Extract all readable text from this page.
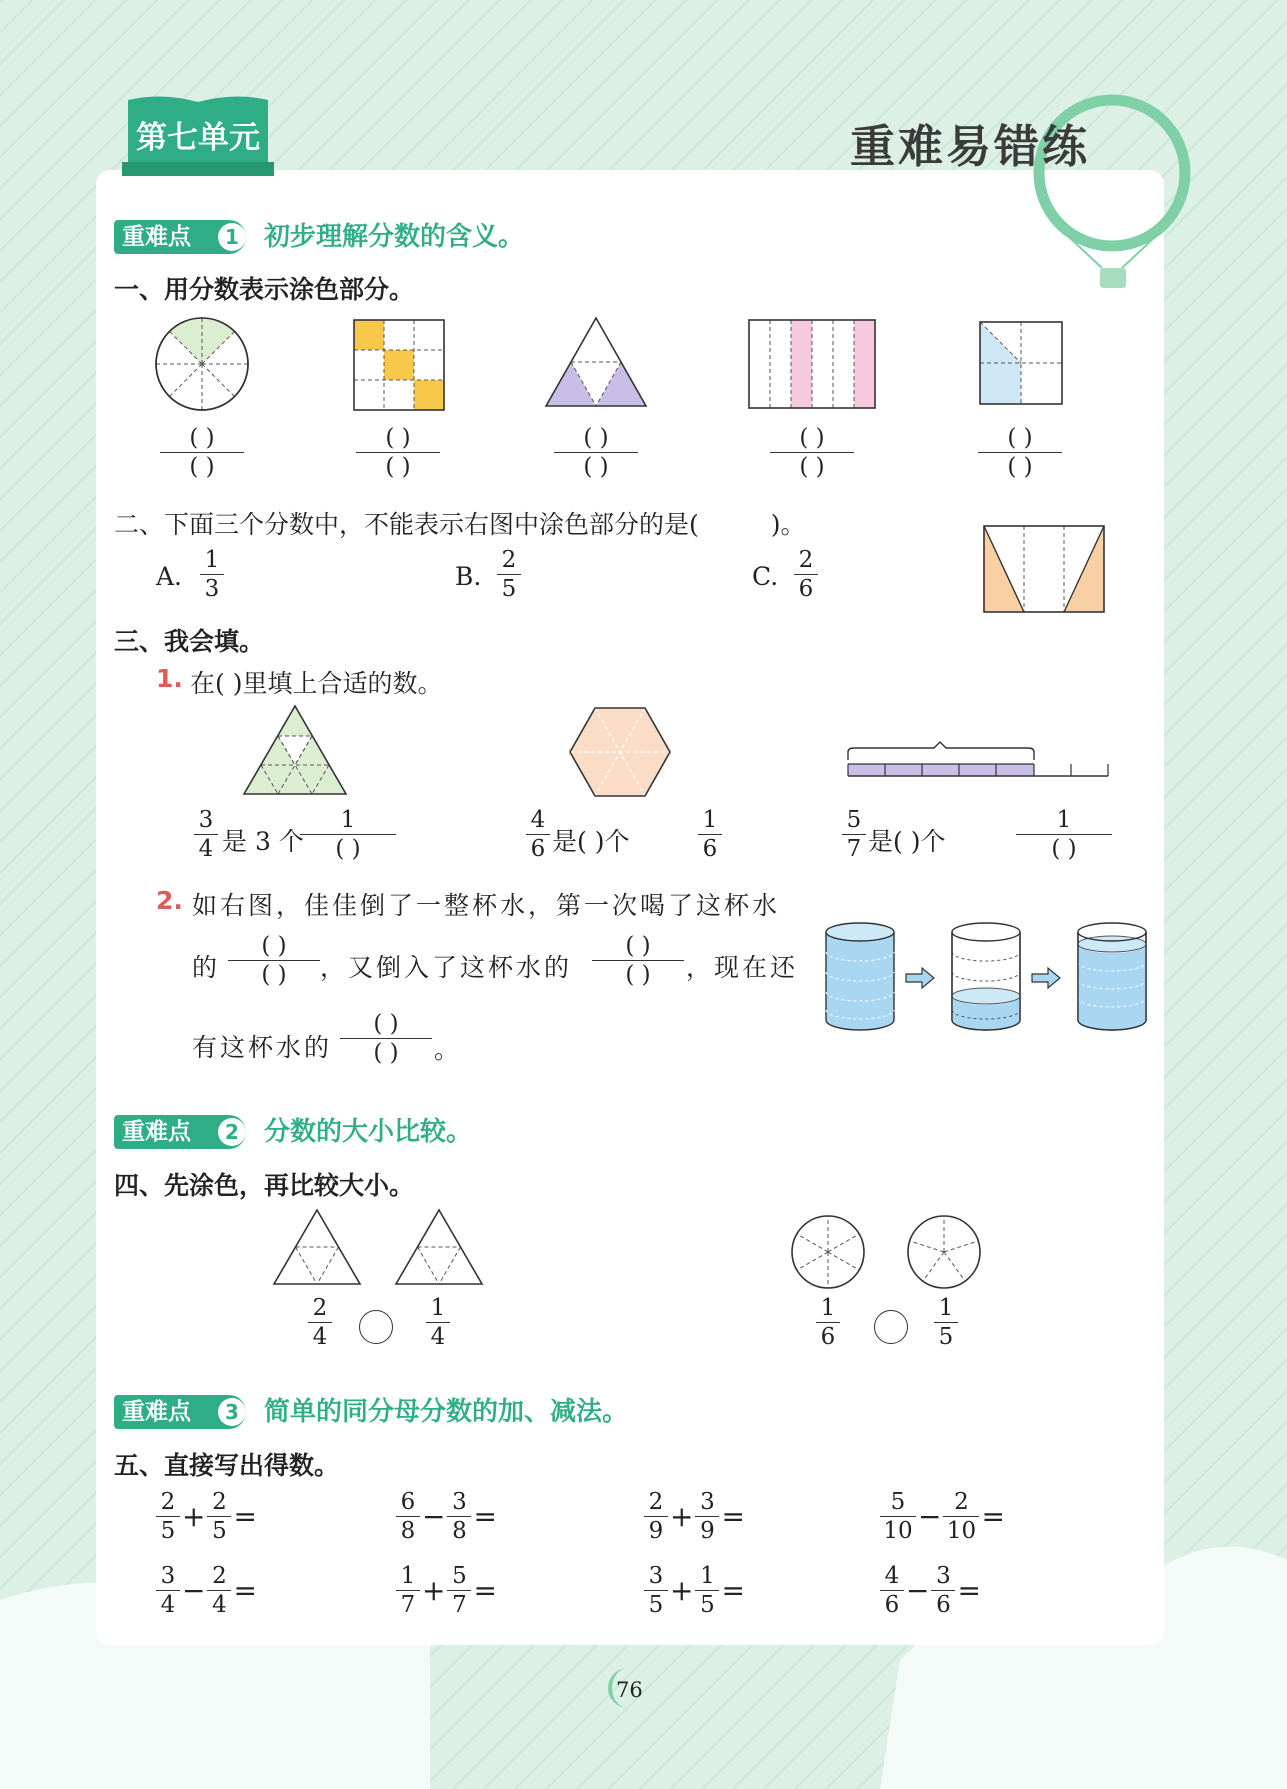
第七单元	重难易错练
重难点	1 初步理解分数的含义。
一、用分数表示涂色部分。
( )
( )
( )
( )
( )
( )
( )
( )
( )
( )
二、下面三个分数中，不能表示右图中涂色部分的是(	)。
A.
1
3	B.
2
5	C.
2
6
三、我会填。
1. 在( )里填上合适的数。
3
4 是 3 个
1
( )
4
6 是( )个
1
6
5
7 是( )个
1
( )
2. 如右图，佳佳倒了一整杯水，第一次喝了这杯水
的
( )
( ) ，又倒入了这杯水的
( )
( ) ，现在还
有这杯水的
( )
( ) 。
重难点	2 分数的大小比较。
四、先涂色，再比较大小。
2
4
1
4
1
6
1
5
重难点	3 简单的同分母分数的加、减法。
五、直接写出得数。
$\frac{2}{5} + \frac{2}{5}$ =	$\frac{6}{8} - \frac{3}{8}$ =	$\frac{2}{9} + \frac{3}{9}$ =	$\frac{5}{10} - \frac{2}{10}$ =
$\frac{3}{4} - \frac{2}{4}$ =	$\frac{1}{7} + \frac{5}{7}$ =	$\frac{3}{5} + \frac{1}{5}$ =	$\frac{4}{6} - \frac{3}{6}$ =
76
